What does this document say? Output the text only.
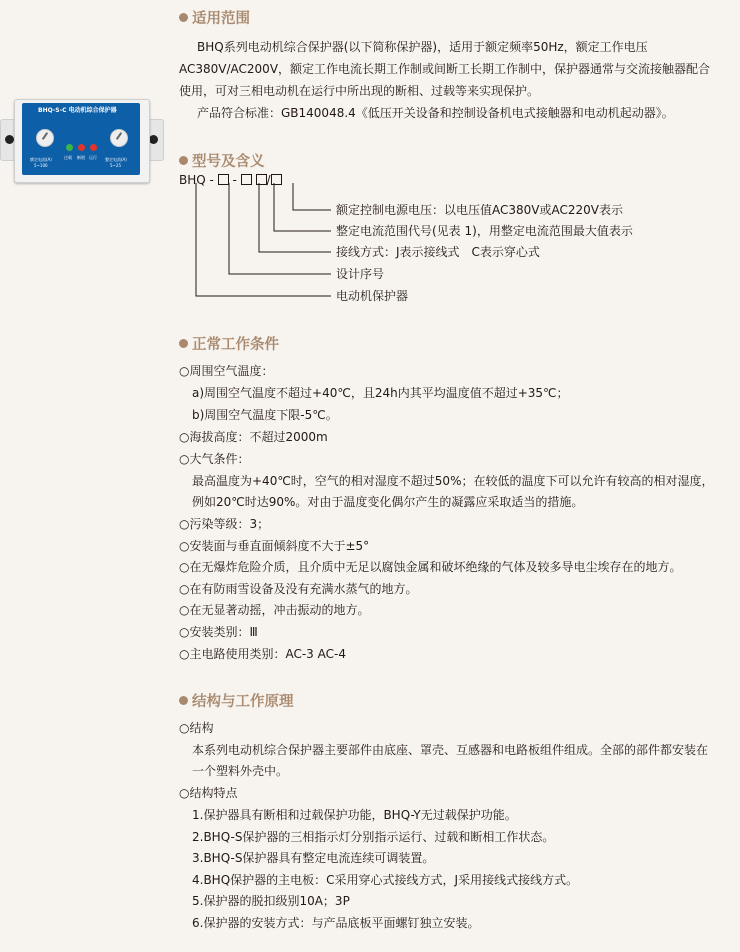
BHQ-S-C 电动机综合保护器
额定电流(A)
5~100
过载 断相 运行 整定电流(A)
5~25
适用范围
BHQ系列电动机综合保护器(以下简称保护器)，适用于额定频率50Hz，额定工作电压
AC380V/AC200V，额定工作电流长期工作制或间断工长期工作制中，保护器通常与交流接触器配合
使用，可对三相电动机在运行中所出现的断相、过载等来实现保护。
产品符合标准：GB140048.4《低压开关设备和控制设备机电式接触器和电动机起动器》。
型号及含义
BHQ - - /
额定控制电源电压：以电压值AC380V或AC220V表示
整定电流范围代号(见表 1)，用整定电流范围最大值表示
接线方式：J表示接线式　C表示穿心式
设计序号
电动机保护器
正常工作条件
○周围空气温度：
a)周围空气温度不超过+40℃，且24h内其平均温度值不超过+35℃；
b)周围空气温度下限-5℃。
○海拔高度：不超过2000m
○大气条件：
最高温度为+40℃时，空气的相对湿度不超过50%；在较低的温度下可以允许有较高的相对湿度，
例如20℃时达90%。对由于温度变化偶尔产生的凝露应采取适当的措施。
○污染等级：3；
○安装面与垂直面倾斜度不大于±5°
○在无爆炸危险介质，且介质中无足以腐蚀金属和破坏绝缘的气体及较多导电尘埃存在的地方。
○在有防雨雪设备及没有充满水蒸气的地方。
○在无显著动摇，冲击振动的地方。
○安装类别：Ⅲ
○主电路使用类别：AC-3 AC-4
结构与工作原理
○结构
本系列电动机综合保护器主要部件由底座、罩壳、互感器和电路板组件组成。全部的部件都安装在
一个塑料外壳中。
○结构特点
1.保护器具有断相和过载保护功能，BHQ-Y无过载保护功能。
2.BHQ-S保护器的三相指示灯分别指示运行、过载和断相工作状态。
3.BHQ-S保护器具有整定电流连续可调装置。
4.BHQ保护器的主电板：C采用穿心式接线方式，J采用接线式接线方式。
5.保护器的脱扣级别10A；3P
6.保护器的安装方式：与产品底板平面螺钉独立安装。
